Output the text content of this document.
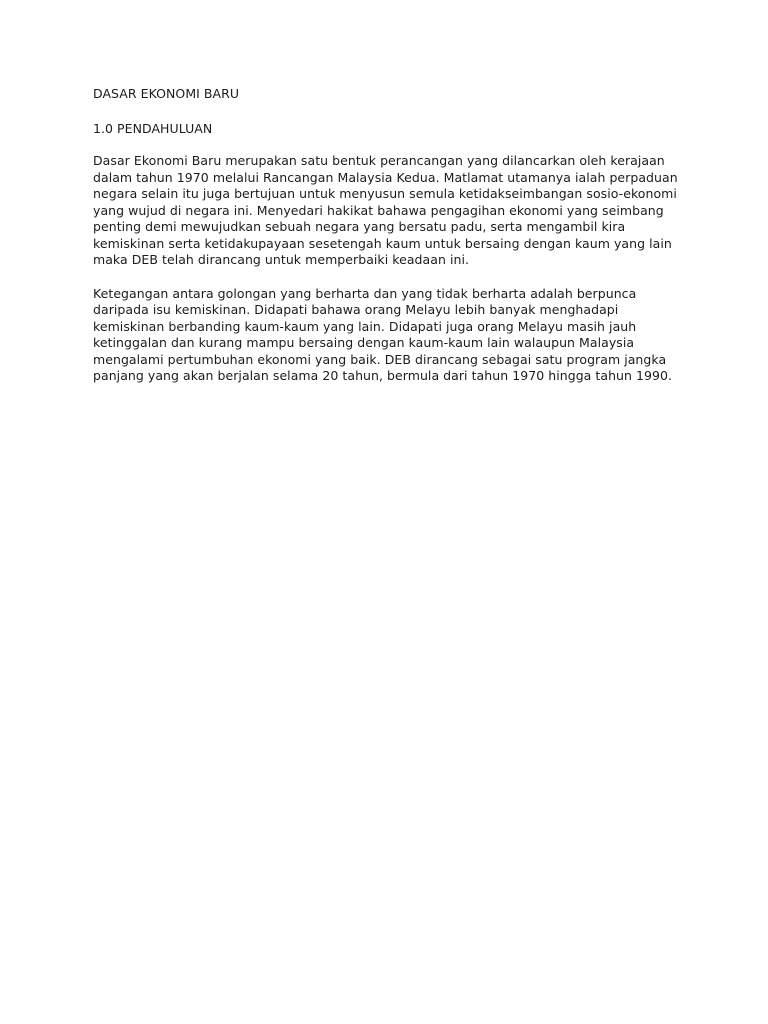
DASAR EKONOMI BARU
1.0 PENDAHULUAN

Dasar Ekonomi Baru merupakan satu bentuk perancangan yang dilancarkan oleh kerajaan
dalam tahun 1970 melalui Rancangan Malaysia Kedua. Matlamat utamanya ialah perpaduan
negara selain itu juga bertujuan untuk menyusun semula ketidakseimbangan sosio-ekonomi
yang wujud di negara ini. Menyedari hakikat bahawa pengagihan ekonomi yang seimbang
penting demi mewujudkan sebuah negara yang bersatu padu, serta mengambil kira
kemiskinan serta ketidakupayaan sesetengah kaum untuk bersaing dengan kaum yang lain
maka DEB telah dirancang untuk memperbaiki keadaan ini.

Ketegangan antara golongan yang berharta dan yang tidak berharta adalah berpunca
daripada isu kemiskinan. Didapati bahawa orang Melayu lebih banyak menghadapi
kemiskinan berbanding kaum-kaum yang lain. Didapati juga orang Melayu masih jauh
ketinggalan dan kurang mampu bersaing dengan kaum-kaum lain walaupun Malaysia
mengalami pertumbuhan ekonomi yang baik. DEB dirancang sebagai satu program jangka
panjang yang akan berjalan selama 20 tahun, bermula dari tahun 1970 hingga tahun 1990.
